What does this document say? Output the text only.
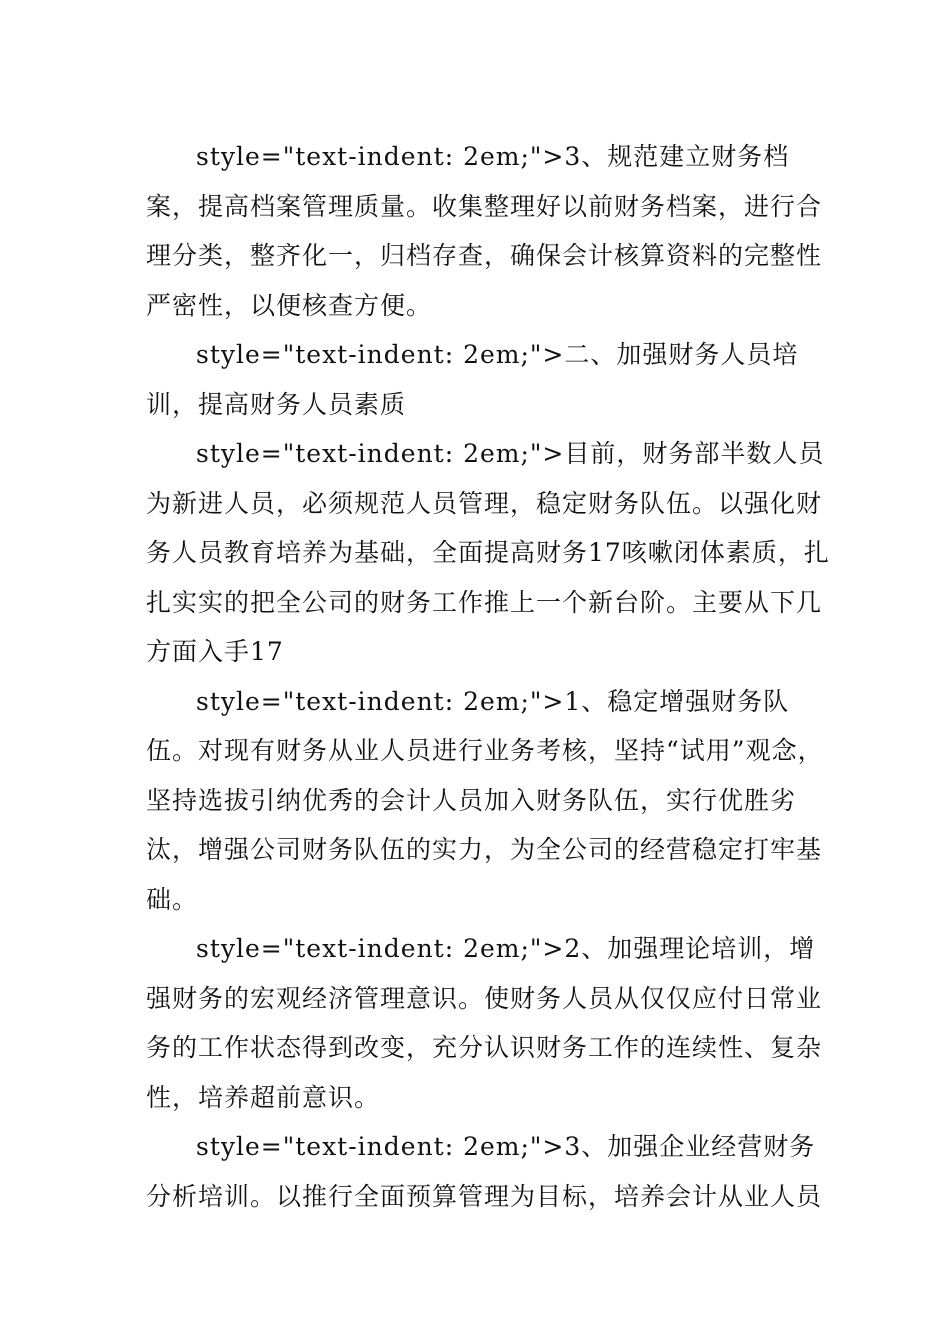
style="text-indent: 2em;">3、规范建立财务档案，提高档案管理质量。收集整理好以前财务档案，进行合理分类，整齐化一，归档存查，确保会计核算资料的完整性严密性，以便核查方便。

style="text-indent: 2em;">二、加强财务人员培训，提高财务人员素质

style="text-indent: 2em;">目前，财务部半数人员为新进人员，必须规范人员管理，稳定财务队伍。以强化财务人员教育培养为基础，全面提高财务17咳嗽闭体素质，扎扎实实的把全公司的财务工作推上一个新台阶。主要从下几方面入手17

style="text-indent: 2em;">1、稳定增强财务队伍。对现有财务从业人员进行业务考核，坚持“试用”观念，坚持选拔引纳优秀的会计人员加入财务队伍，实行优胜劣汰，增强公司财务队伍的实力，为全公司的经营稳定打牢基础。

style="text-indent: 2em;">2、加强理论培训，增强财务的宏观经济管理意识。使财务人员从仅仅应付日常业务的工作状态得到改变，充分认识财务工作的连续性、复杂性，培养超前意识。

style="text-indent: 2em;">3、加强企业经营财务分析培训。以推行全面预算管理为目标，培养会计从业人员
